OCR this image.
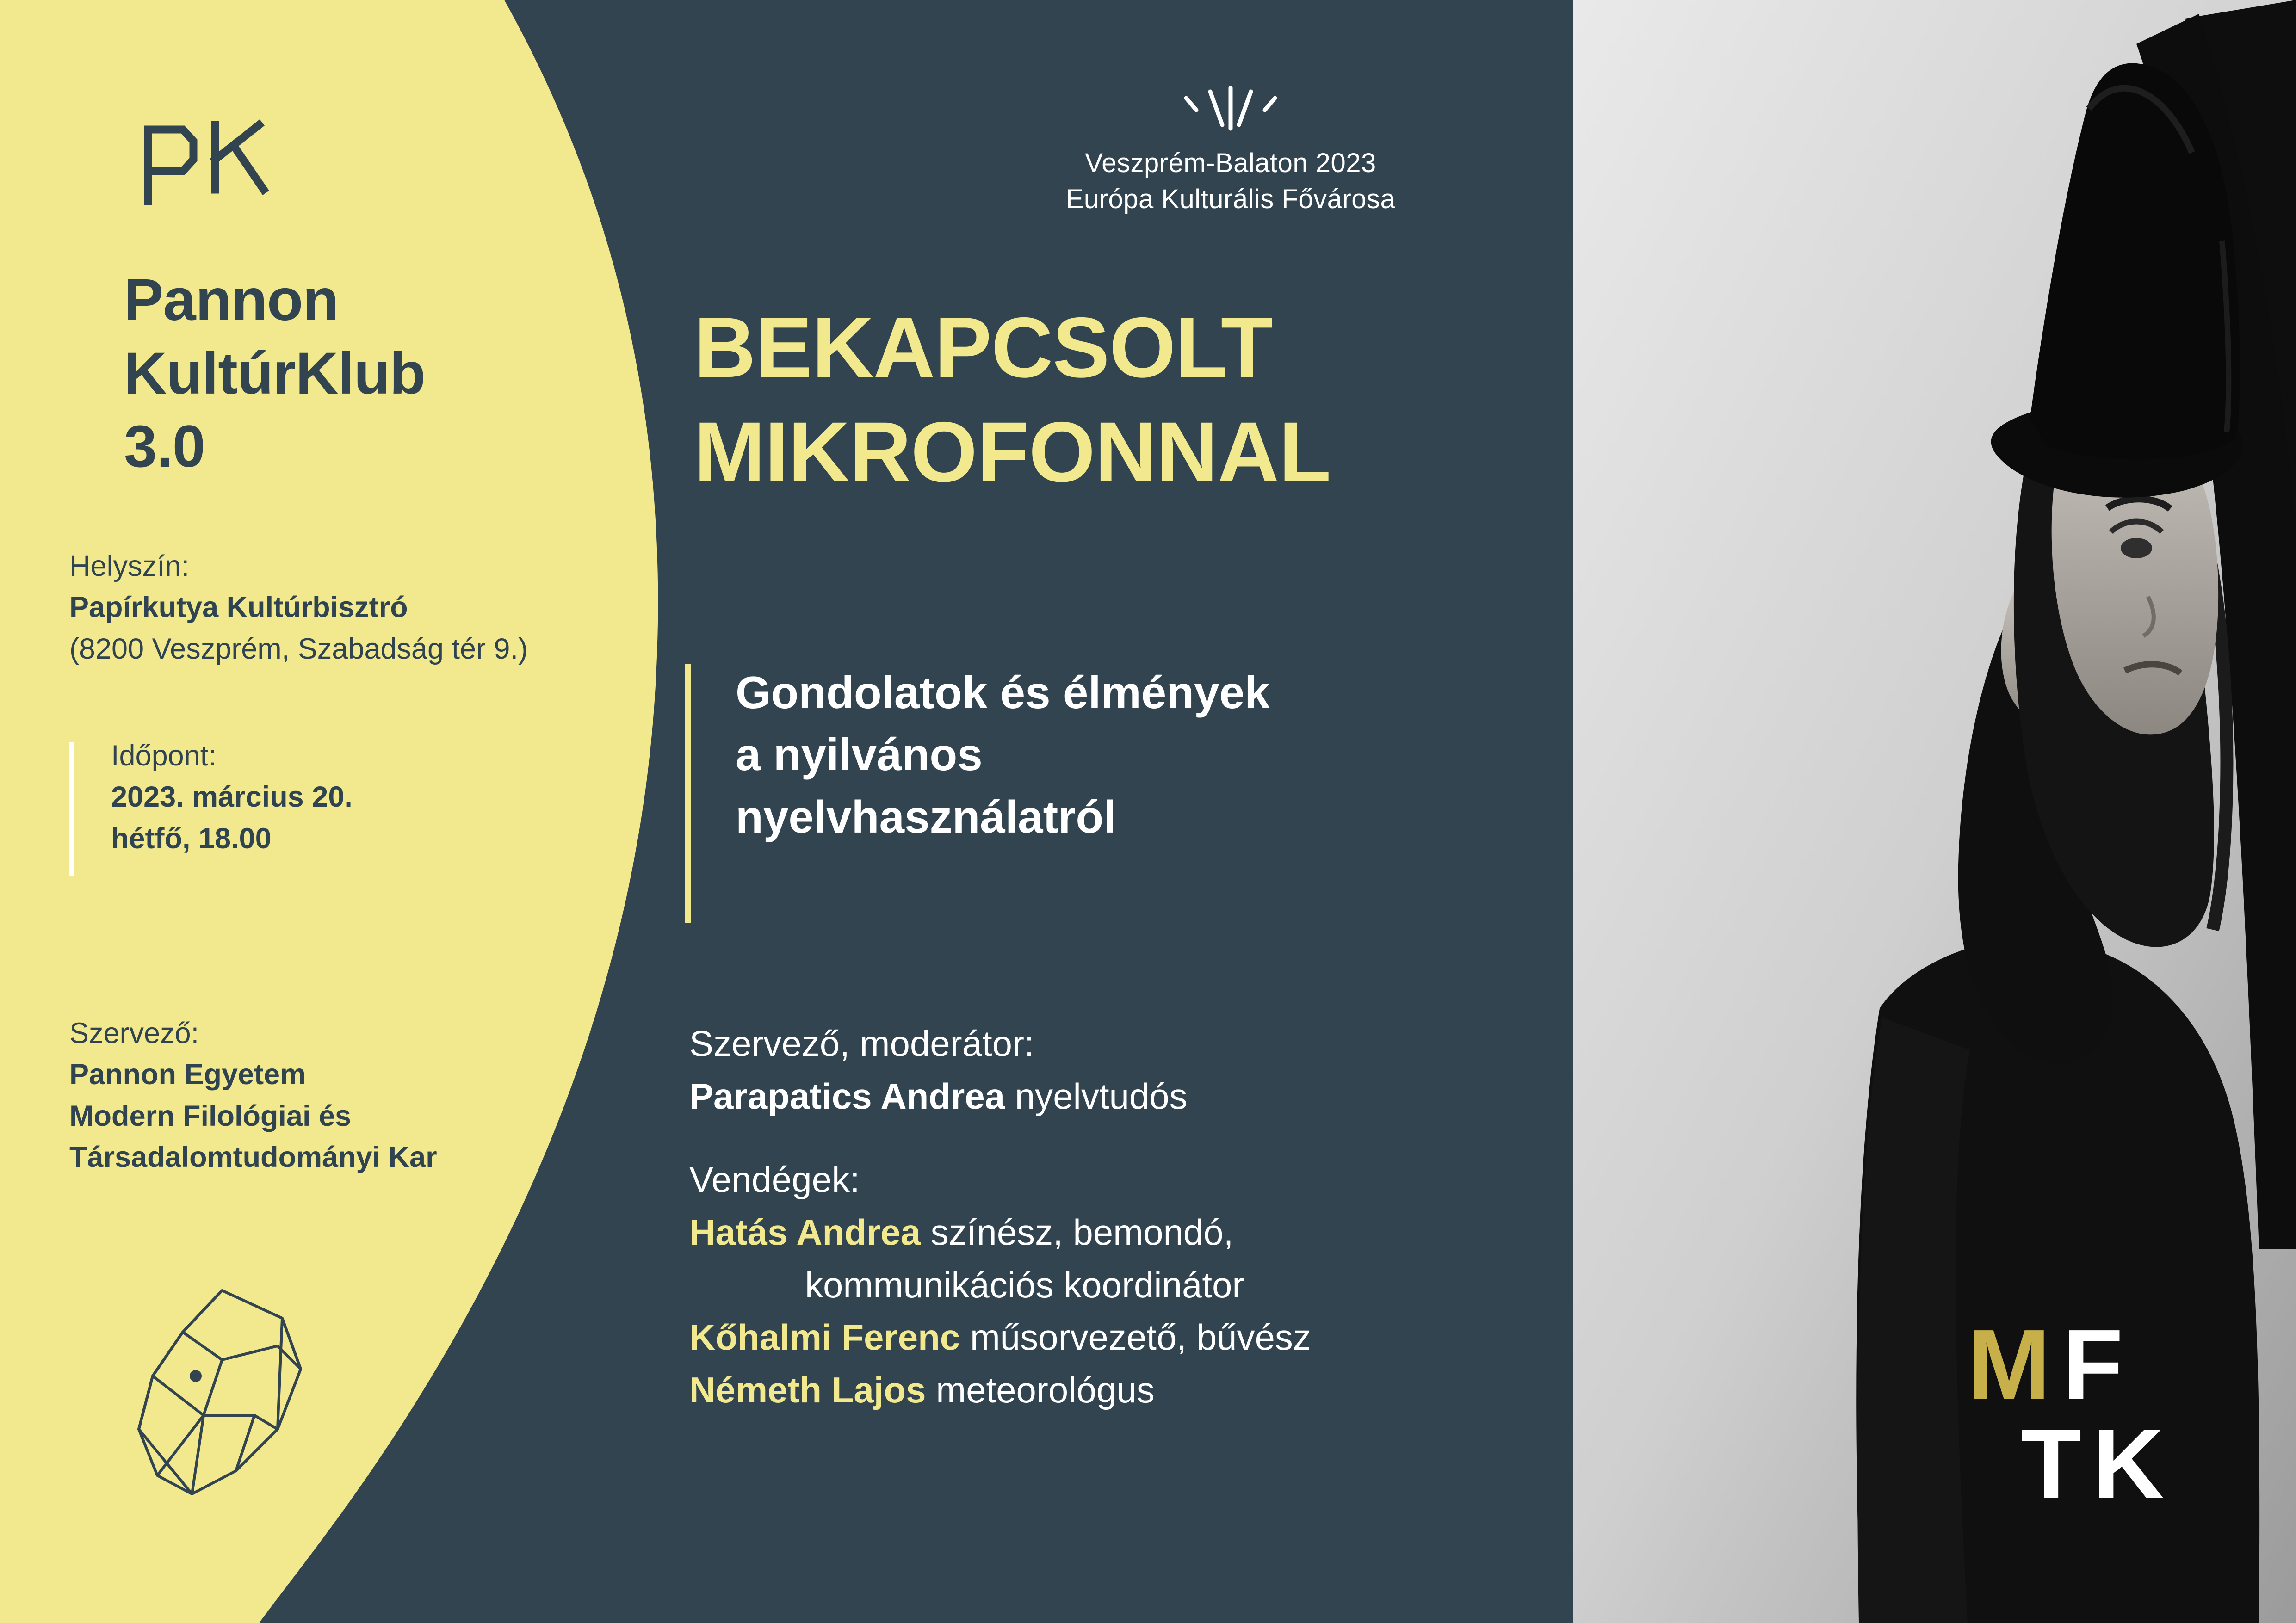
Pannon
KultúrKlub
3.0
Helyszín:
Papírkutya Kultúrbisztró
(8200 Veszprém, Szabadság tér 9.)
Időpont:
2023. március 20.
hétfő, 18.00
Szervező:
Pannon Egyetem
Modern Filológiai és
Társadalomtudományi Kar
Veszprém-Balaton 2023
Európa Kulturális Fővárosa
BEKAPCSOLT
MIKROFONNAL
Gondolatok és élmények
a nyilvános
nyelvhasználatról
Szervező, moderátor:
Parapatics Andrea nyelvtudós
Vendégek:
Hatás Andrea színész, bemondó,
kommunikációs koordinátor
Kőhalmi Ferenc műsorvezető, bűvész
Németh Lajos meteorológus	M F
T K
